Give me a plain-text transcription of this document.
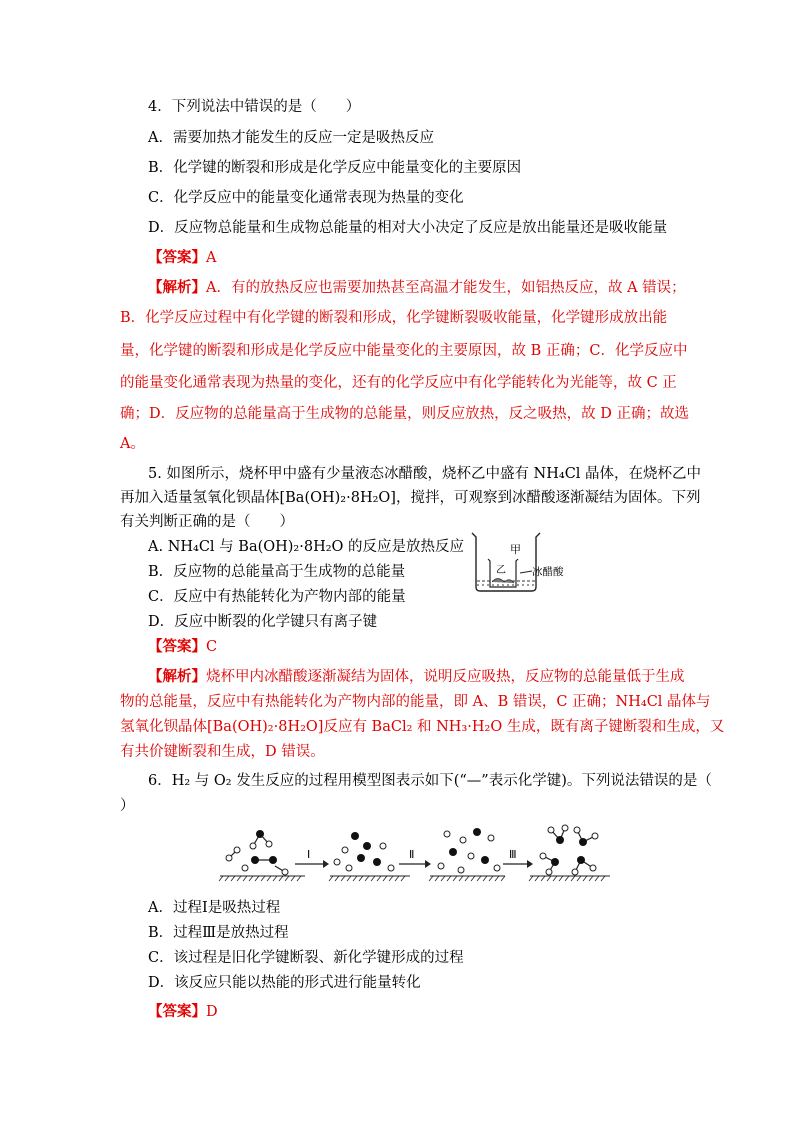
4．下列说法中错误的是（　　）
A．需要加热才能发生的反应一定是吸热反应
B．化学键的断裂和形成是化学反应中能量变化的主要原因
C．化学反应中的能量变化通常表现为热量的变化
D．反应物总能量和生成物总能量的相对大小决定了反应是放出能量还是吸收能量
【答案】A
【解析】A．有的放热反应也需要加热甚至高温才能发生，如铝热反应，故 A 错误；
B．化学反应过程中有化学键的断裂和形成，化学键断裂吸收能量，化学键形成放出能
量，化学键的断裂和形成是化学反应中能量变化的主要原因，故 B 正确；C．化学反应中
的能量变化通常表现为热量的变化，还有的化学反应中有化学能转化为光能等，故 C 正
确；D．反应物的总能量高于生成物的总能量，则反应放热，反之吸热，故 D 正确；故选
A。
5. 如图所示，烧杯甲中盛有少量液态冰醋酸，烧杯乙中盛有 NH₄Cl 晶体，在烧杯乙中
再加入适量氢氧化钡晶体[Ba(OH)₂·8H₂O]，搅拌，可观察到冰醋酸逐渐凝结为固体。下列
有关判断正确的是（　　）
A. NH₄Cl 与 Ba(OH)₂·8H₂O 的反应是放热反应
B．反应物的总能量高于生成物的总能量
C．反应中有热能转化为产物内部的能量
D．反应中断裂的化学键只有离子键
甲
乙 冰醋酸
【答案】C
【解析】烧杯甲内冰醋酸逐渐凝结为固体，说明反应吸热，反应物的总能量低于生成
物的总能量，反应中有热能转化为产物内部的能量，即 A、B 错误，C 正确；NH₄Cl 晶体与
氢氧化钡晶体[Ba(OH)₂·8H₂O]反应有 BaCl₂ 和 NH₃·H₂O 生成，既有离子键断裂和生成，又
有共价键断裂和生成，D 错误。
6．H₂ 与 O₂ 发生反应的过程用模型图表示如下(“—”表示化学键)。下列说法错误的是（
）
Ⅰ	Ⅱ	Ⅲ
A．过程Ⅰ是吸热过程
B．过程Ⅲ是放热过程
C．该过程是旧化学键断裂、新化学键形成的过程
D．该反应只能以热能的形式进行能量转化
【答案】D
